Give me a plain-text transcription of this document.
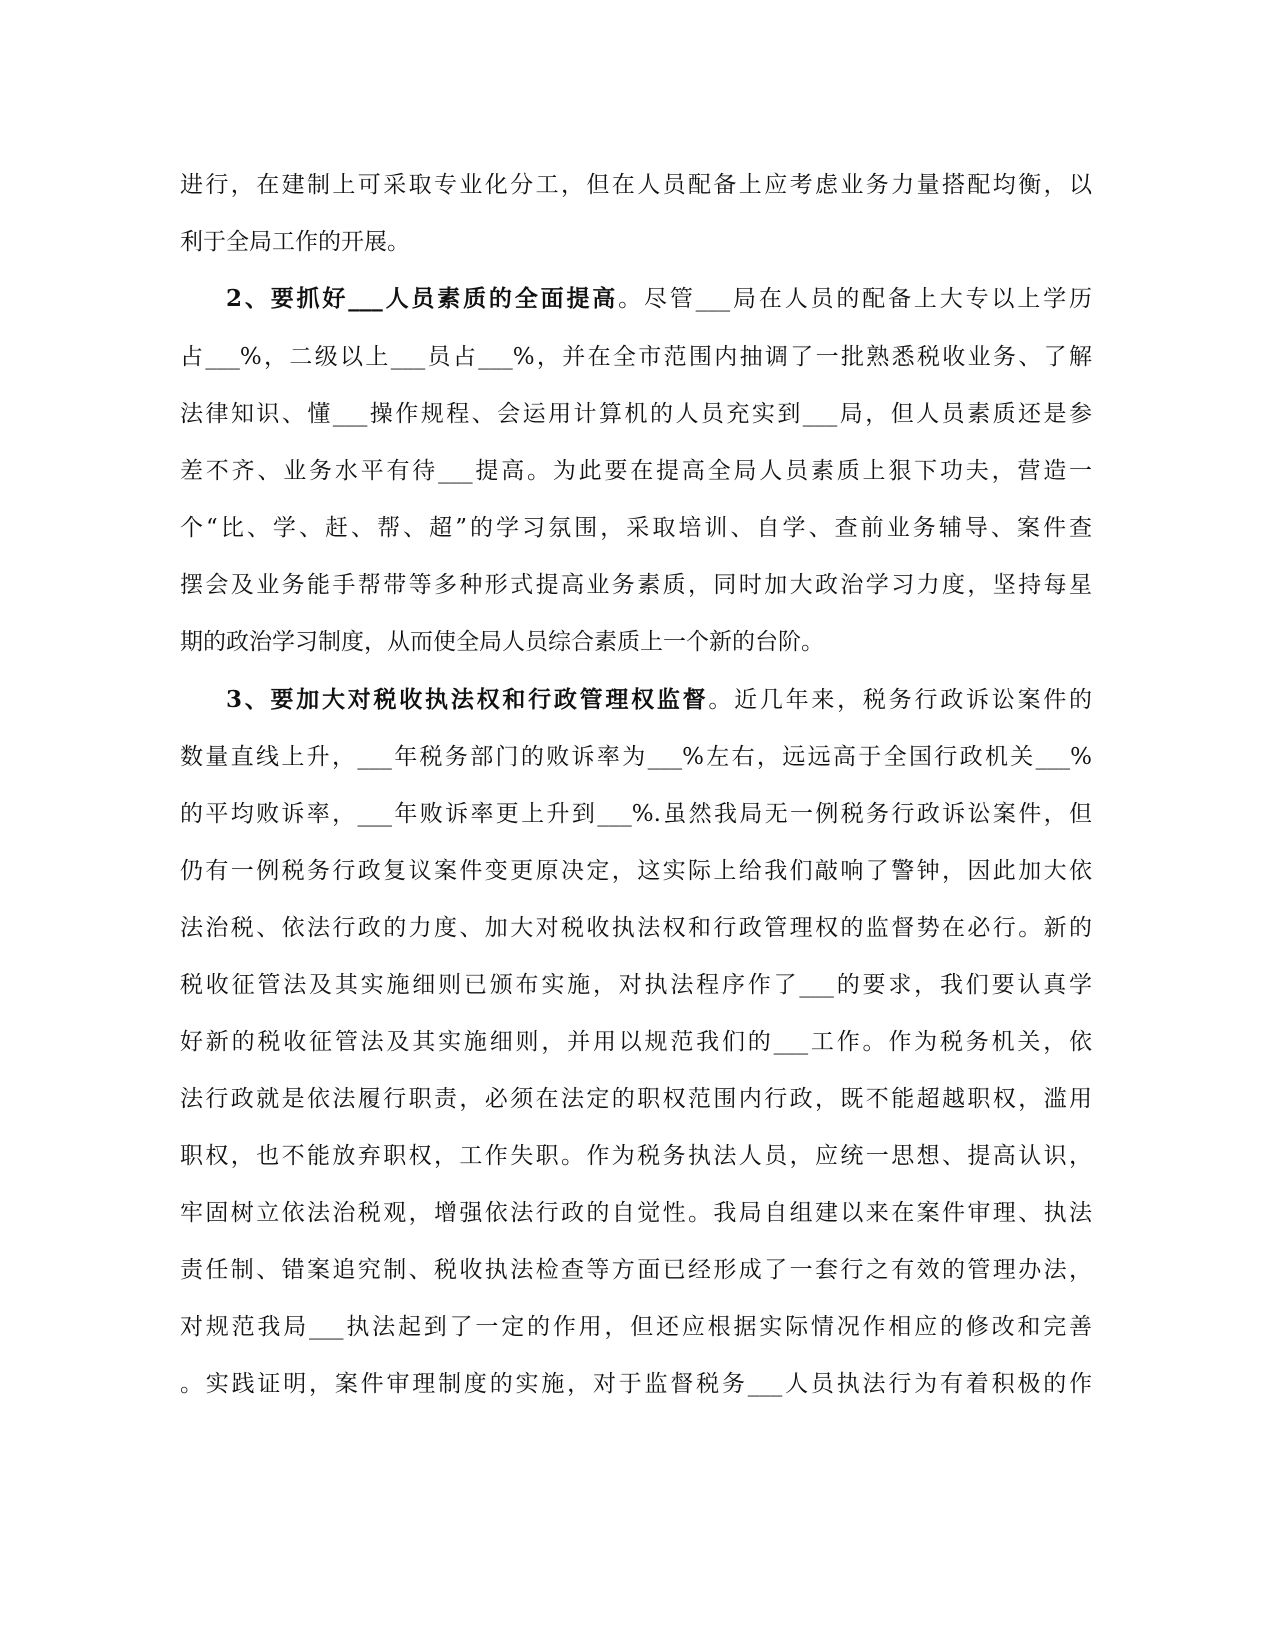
进行，在建制上可采取专业化分工，但在人员配备上应考虑业务力量搭配均衡，以
利于全局工作的开展。
2、要抓好___人员素质的全面提高。尽管___局在人员的配备上大专以上学历
占___%，二级以上___员占___%，并在全市范围内抽调了一批熟悉税收业务、了解
法律知识、懂___操作规程、会运用计算机的人员充实到___局，但人员素质还是参
差不齐、业务水平有待___提高。为此要在提高全局人员素质上狠下功夫，营造一
个“比、学、赶、帮、超”的学习氛围，采取培训、自学、查前业务辅导、案件查
摆会及业务能手帮带等多种形式提高业务素质，同时加大政治学习力度，坚持每星
期的政治学习制度，从而使全局人员综合素质上一个新的台阶。
3、要加大对税收执法权和行政管理权监督。近几年来，税务行政诉讼案件的
数量直线上升，___年税务部门的败诉率为___%左右，远远高于全国行政机关___%
的平均败诉率，___年败诉率更上升到___%.虽然我局无一例税务行政诉讼案件，但
仍有一例税务行政复议案件变更原决定，这实际上给我们敲响了警钟，因此加大依
法治税、依法行政的力度、加大对税收执法权和行政管理权的监督势在必行。新的
税收征管法及其实施细则已颁布实施，对执法程序作了___的要求，我们要认真学
好新的税收征管法及其实施细则，并用以规范我们的___工作。作为税务机关，依
法行政就是依法履行职责，必须在法定的职权范围内行政，既不能超越职权，滥用
职权，也不能放弃职权，工作失职。作为税务执法人员，应统一思想、提高认识，
牢固树立依法治税观，增强依法行政的自觉性。我局自组建以来在案件审理、执法
责任制、错案追究制、税收执法检查等方面已经形成了一套行之有效的管理办法，
对规范我局___执法起到了一定的作用，但还应根据实际情况作相应的修改和完善
。实践证明，案件审理制度的实施，对于监督税务___人员执法行为有着积极的作
